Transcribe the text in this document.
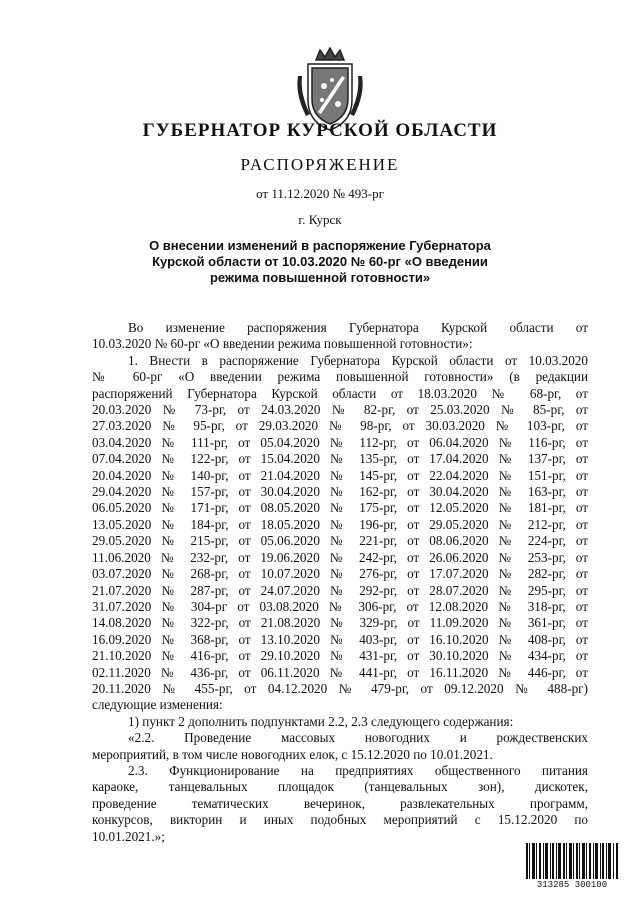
ГУБЕРНАТОР КУРСКОЙ ОБЛАСТИ
РАСПОРЯЖЕНИЕ
от 11.12.2020 № 493-рг
г. Курск
О внесении изменений в распоряжение Губернатора
Курской области от 10.03.2020 № 60-рг «О введении
режима повышенной готовности»
Во изменение распоряжения Губернатора Курской области от
10.03.2020 № 60-рг «О введении режима повышенной готовности»:
1. Внести в распоряжение Губернатора Курской области от 10.03.2020
№ 60-рг «О введении режима повышенной готовности» (в редакции
распоряжений Губернатора Курской области от 18.03.2020 № 68-рг, от
20.03.2020 № 73-рг, от 24.03.2020 № 82-рг, от 25.03.2020 № 85-рг, от
27.03.2020 № 95-рг, от 29.03.2020 № 98-рг, от 30.03.2020 № 103-рг, от
03.04.2020 № 111-рг, от 05.04.2020 № 112-рг, от 06.04.2020 № 116-рг, от
07.04.2020 № 122-рг, от 15.04.2020 № 135-рг, от 17.04.2020 № 137-рг, от
20.04.2020 № 140-рг, от 21.04.2020 № 145-рг, от 22.04.2020 № 151-рг, от
29.04.2020 № 157-рг, от 30.04.2020 № 162-рг, от 30.04.2020 № 163-рг, от
06.05.2020 № 171-рг, от 08.05.2020 № 175-рг, от 12.05.2020 № 181-рг, от
13.05.2020 № 184-рг, от 18.05.2020 № 196-рг, от 29.05.2020 № 212-рг, от
29.05.2020 № 215-рг, от 05.06.2020 № 221-рг, от 08.06.2020 № 224-рг, от
11.06.2020 № 232-рг, от 19.06.2020 № 242-рг, от 26.06.2020 № 253-рг, от
03.07.2020 № 268-рг, от 10.07.2020 № 276-рг, от 17.07.2020 № 282-рг, от
21.07.2020 № 287-рг, от 24.07.2020 № 292-рг, от 28.07.2020 № 295-рг, от
31.07.2020 № 304-рг от 03.08.2020 № 306-рг, от 12.08.2020 № 318-рг, от
14.08.2020 № 322-рг, от 21.08.2020 № 329-рг, от 11.09.2020 № 361-рг, от
16.09.2020 № 368-рг, от 13.10.2020 № 403-рг, от 16.10.2020 № 408-рг, от
21.10.2020 № 416-рг, от 29.10.2020 № 431-рг, от 30.10.2020 № 434-рг, от
02.11.2020 № 436-рг, от 06.11.2020 № 441-рг, от 16.11.2020 № 446-рг, от
20.11.2020 № 455-рг, от 04.12.2020 № 479-рг, от 09.12.2020 № 488-рг)
следующие изменения:
1) пункт 2 дополнить подпунктами 2.2, 2.3 следующего содержания:
«2.2. Проведение массовых новогодних и рождественских
мероприятий, в том числе новогодних елок, с 15.12.2020 по 10.01.2021.
2.3. Функционирование на предприятиях общественного питания
караоке, танцевальных площадок (танцевальных зон), дискотек,
проведение тематических вечеринок, развлекательных программ,
конкурсов, викторин и иных подобных мероприятий с 15.12.2020 по
10.01.2021.»;
313285 300100
